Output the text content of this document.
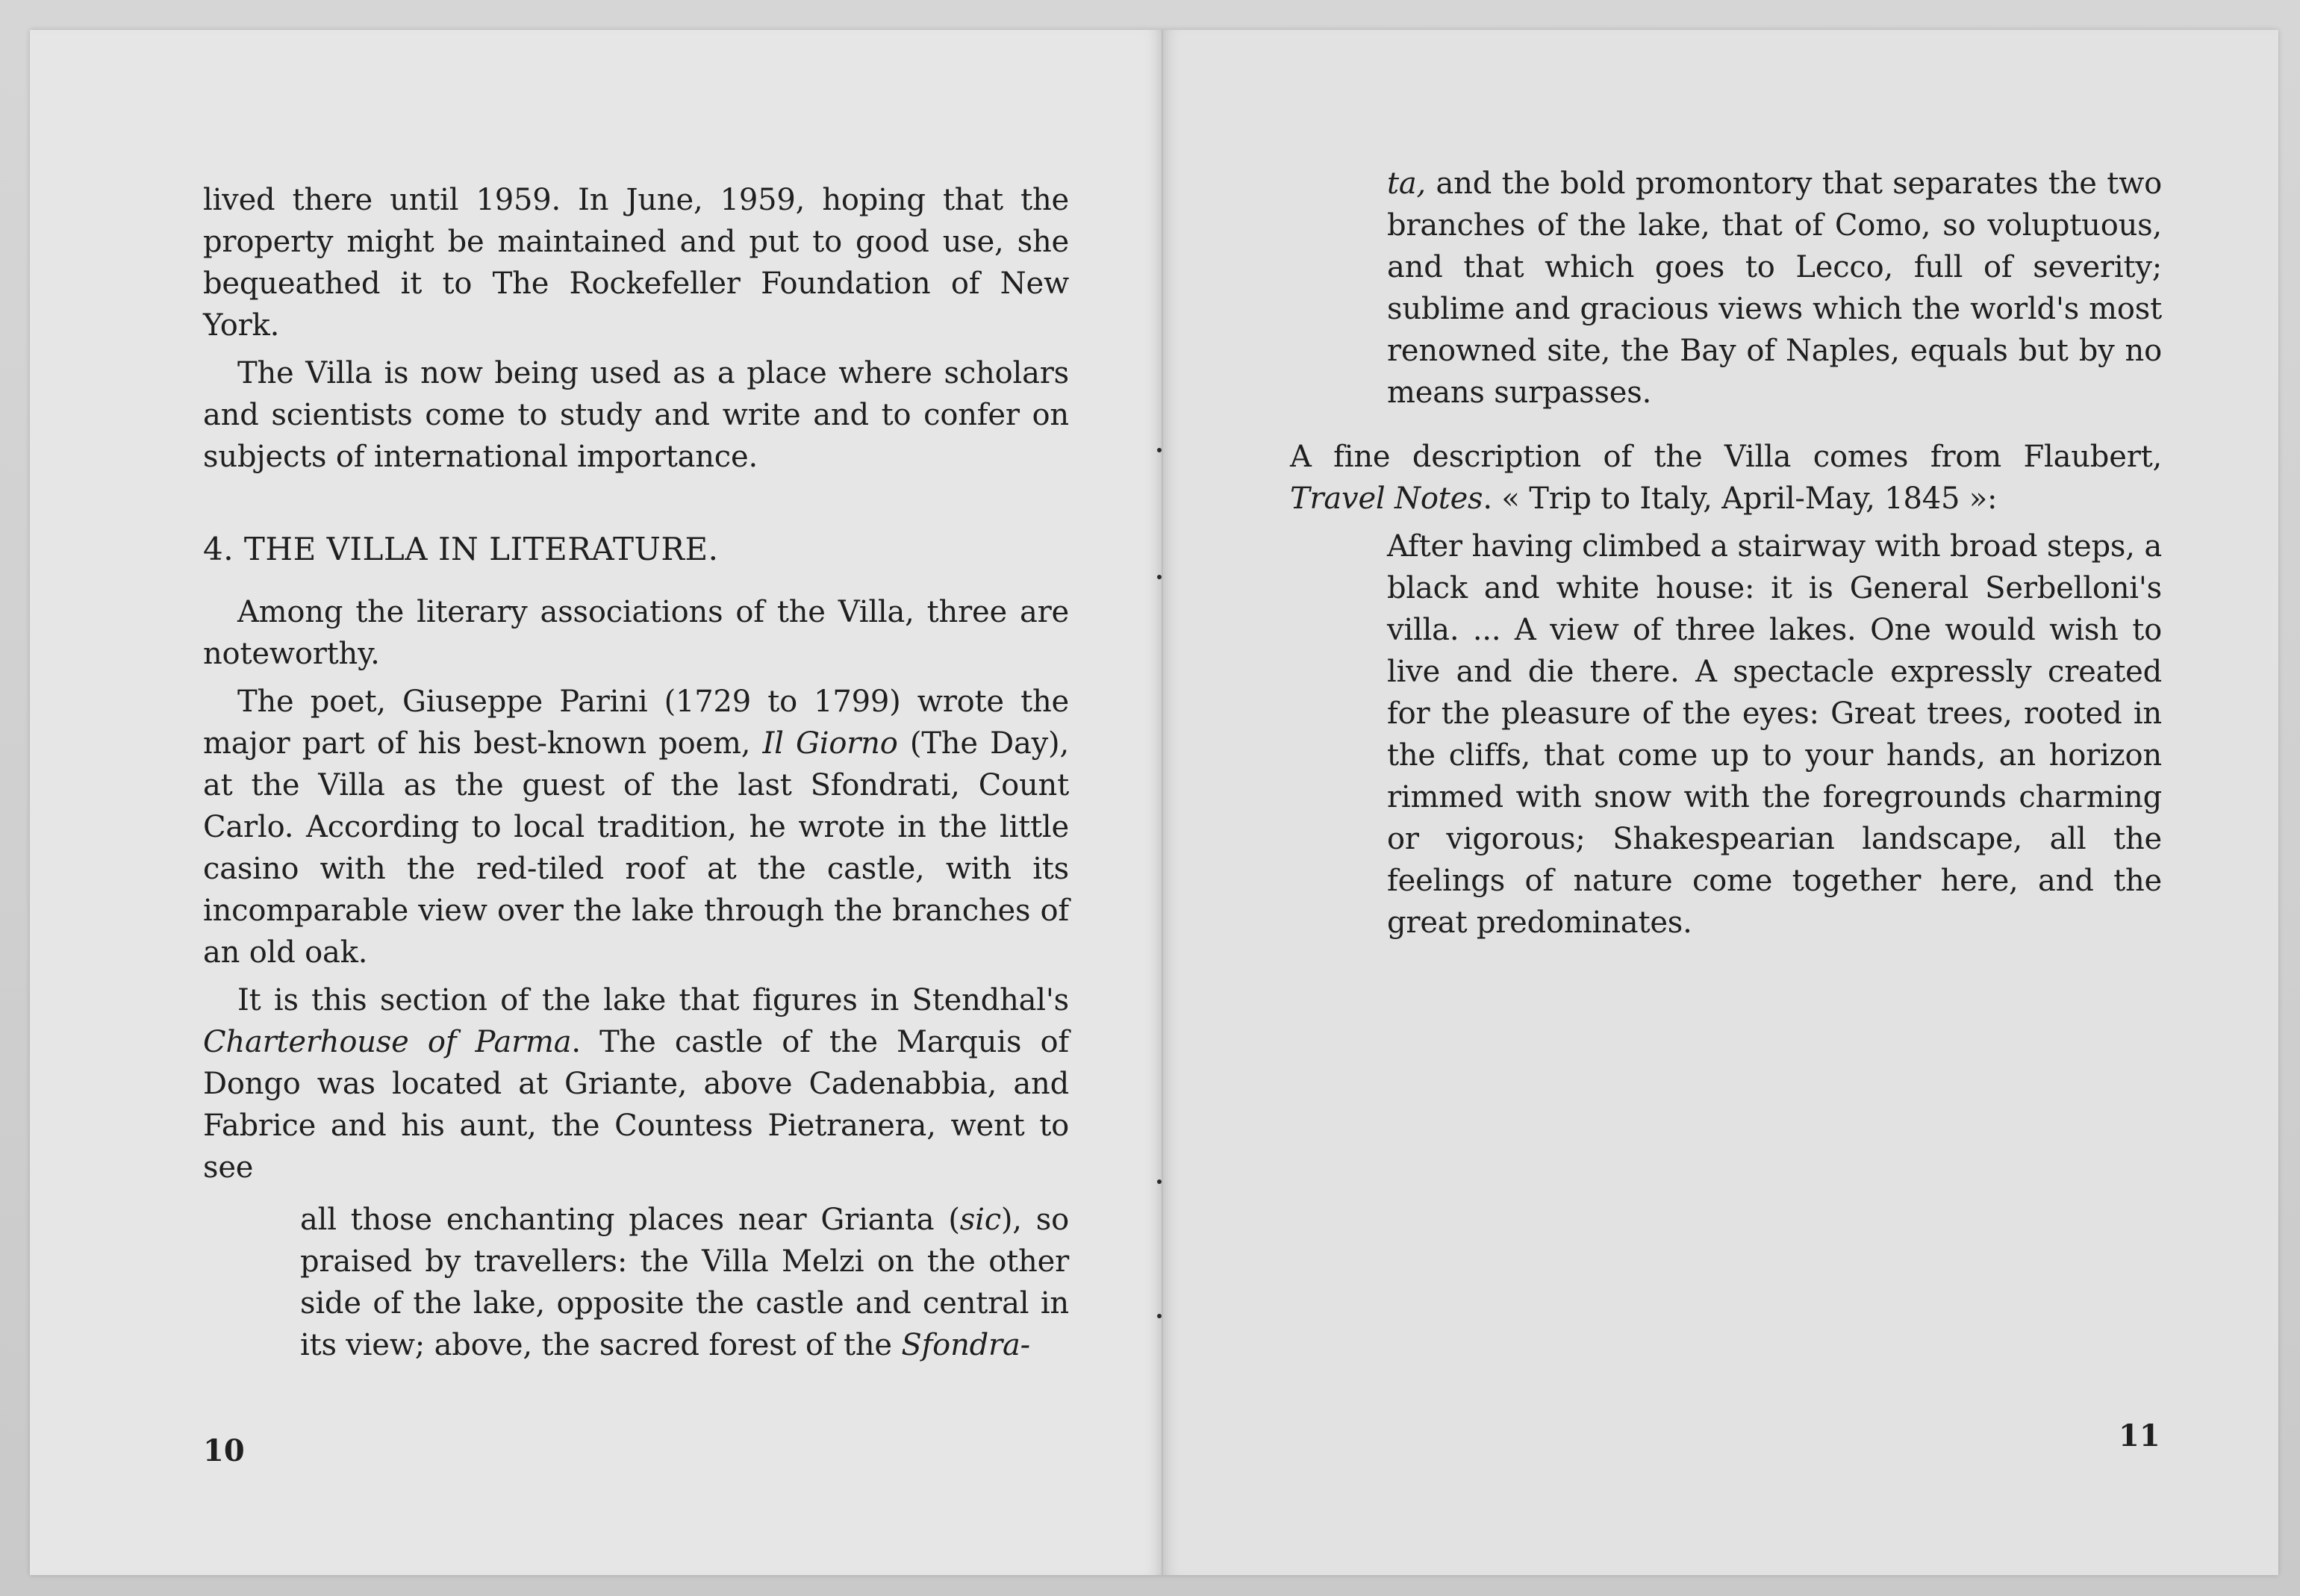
lived there until 1959. In June, 1959, hoping that the property might be maintained and put to good use, she bequeathed it to The Rockefeller Foundation of New York.

The Villa is now being used as a place where scholars and scientists come to study and write and to confer on subjects of international importance.

4. THE VILLA IN LITERATURE.

Among the literary associations of the Villa, three are noteworthy.

The poet, Giuseppe Parini (1729 to 1799) wrote the major part of his best-known poem, Il Giorno (The Day), at the Villa as the guest of the last Sfondrati, Count Carlo. According to local tradition, he wrote in the little casino with the red-tiled roof at the castle, with its incomparable view over the lake through the branches of an old oak.

It is this section of the lake that figures in Stendhal's Charterhouse of Parma. The castle of the Marquis of Dongo was located at Griante, above Cadenabbia, and Fabrice and his aunt, the Countess Pietranera, went to see

all those enchanting places near Grianta (sic), so praised by travellers: the Villa Melzi on the other side of the lake, opposite the castle and central in its view; above, the sacred forest of the Sfondra-

10

ta, and the bold promontory that separates the two branches of the lake, that of Como, so voluptuous, and that which goes to Lecco, full of severity; sublime and gracious views which the world's most renowned site, the Bay of Naples, equals but by no means surpasses.

A fine description of the Villa comes from Flaubert, Travel Notes. « Trip to Italy, April-May, 1845 »:

After having climbed a stairway with broad steps, a black and white house: it is General Serbelloni's villa. ... A view of three lakes. One would wish to live and die there. A spectacle expressly created for the pleasure of the eyes: Great trees, rooted in the cliffs, that come up to your hands, an horizon rimmed with snow with the foregrounds charming or vigorous; Shakespearian landscape, all the feelings of nature come together here, and the great predominates.

11
